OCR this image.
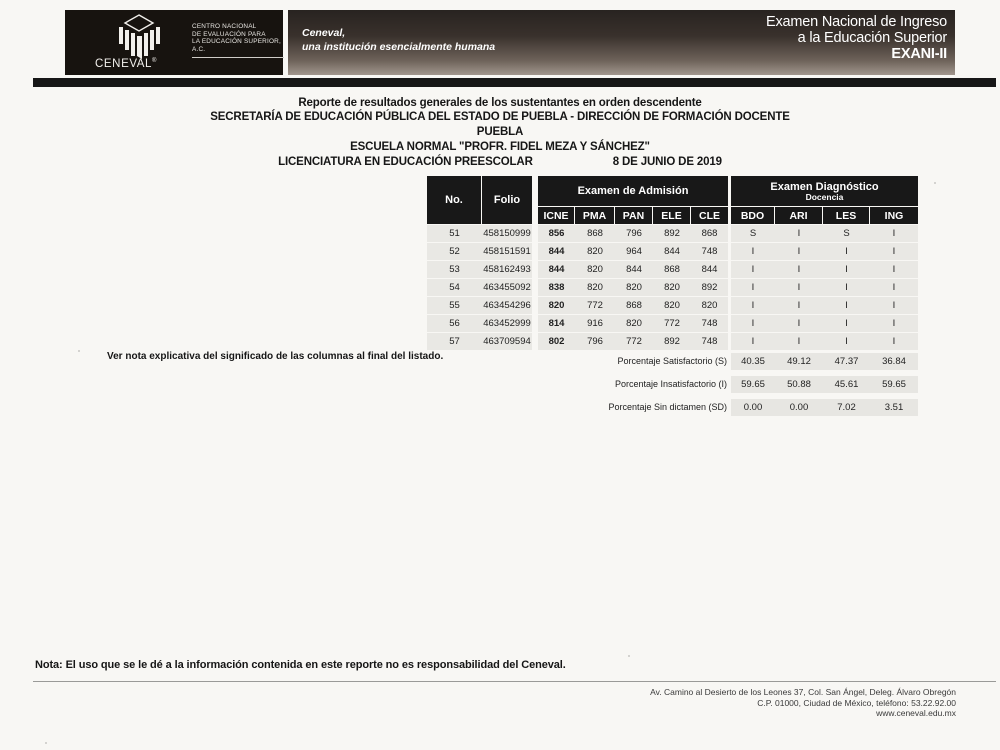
CENTRO NACIONAL
DE EVALUACIÓN PARA
LA EDUCACIÓN SUPERIOR, A.C.
CENEVAL®
Ceneval,
una institución esencialmente humana
Examen Nacional de Ingreso
a la Educación Superior
EXANI-II
Reporte de resultados generales de los sustentantes en orden descendente
SECRETARÍA DE EDUCACIÓN PÚBLICA DEL ESTADO DE PUEBLA - DIRECCIÓN DE FORMACIÓN DOCENTE
PUEBLA
ESCUELA NORMAL "PROFR. FIDEL MEZA Y SÁNCHEZ"
LICENCIATURA EN EDUCACIÓN PREESCOLAR	8 DE JUNIO DE 2019
No.	Folio
Examen de Admisión	Examen Diagnóstico
Docencia
ICNE	PMA	PAN	ELE	CLE	BDO	ARI	LES	ING
51	458150999	856	868	796	892	868	S	I	S	I
52	458151591	844	820	964	844	748	I	I	I	I
53	458162493	844	820	844	868	844	I	I	I	I
54	463455092	838	820	820	820	892	I	I	I	I
55	463454296	820	772	868	820	820	I	I	I	I
56	463452999	814	916	820	772	748	I	I	I	I
57	463709594	802	796	772	892	748	I	I	I	I
Ver nota explicativa del significado de las columnas al final del listado.	Porcentaje Satisfactorio (S)	40.35	49.12	47.37	36.84
Porcentaje Insatisfactorio (I)	59.65	50.88	45.61	59.65
Porcentaje Sin dictamen (SD)	0.00	0.00	7.02	3.51
Nota: El uso que se le dé a la información contenida en este reporte no es responsabilidad del Ceneval.
Av. Camino al Desierto de los Leones 37, Col. San Ángel, Deleg. Álvaro Obregón
C.P. 01000, Ciudad de México, teléfono: 53.22.92.00
www.ceneval.edu.mx
